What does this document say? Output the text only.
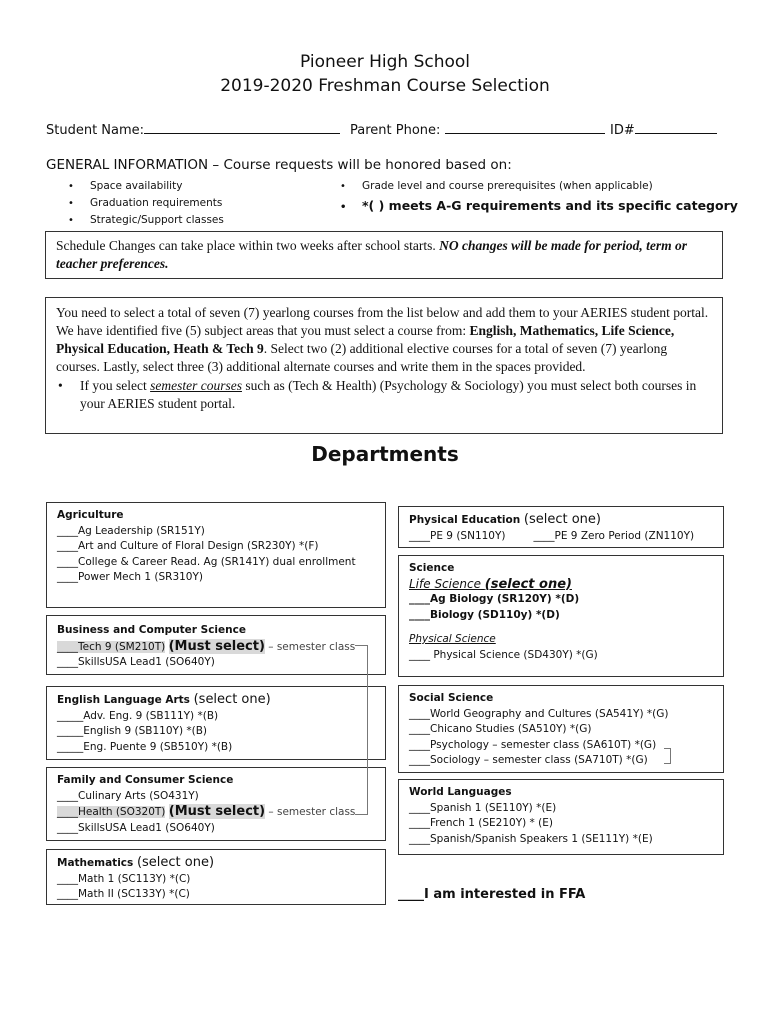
Pioneer High School
2019-2020 Freshman Course Selection
Student Name:	Parent Phone:	ID#
GENERAL INFORMATION – Course requests will be honored based on:
• Space availability
• Graduation requirements
• Strategic/Support classes
• Grade level and course prerequisites (when applicable)
• *( ) meets A-G requirements and its specific category
Schedule Changes can take place within two weeks after school starts. NO changes will be made for period, term or teacher preferences.
You need to select a total of seven (7) yearlong courses from the list below and add them to your AERIES student portal. We have identified five (5) subject areas that you must select a course from: English, Mathematics, Life Science, Physical Education, Heath & Tech 9. Select two (2) additional elective courses for a total of seven (7) yearlong courses. Lastly, select three (3) additional alternate courses and write them in the spaces provided.
• If you select semester courses such as (Tech & Health) (Psychology & Sociology) you must select both courses in your AERIES student portal.
Departments
Agriculture
____Ag Leadership (SR151Y)
____Art and Culture of Floral Design (SR230Y) *(F)
____College & Career Read. Ag (SR141Y) dual enrollment
____Power Mech 1 (SR310Y)
Business and Computer Science
____Tech 9 (SM210T) (Must select) – semester class
____SkillsUSA Lead1 (SO640Y)
English Language Arts (select one)
_____Adv. Eng. 9 (SB111Y) *(B)
_____English 9 (SB110Y) *(B)
_____Eng. Puente 9 (SB510Y) *(B)
Family and Consumer Science
____Culinary Arts (SO431Y)
____Health (SO320T) (Must select) – semester class
____SkillsUSA Lead1 (SO640Y)
Mathematics (select one)
____Math 1 (SC113Y) *(C)
____Math II (SC133Y) *(C)
Physical Education (select one)
____PE 9 (SN110Y)	____PE 9 Zero Period (ZN110Y)
Science
Life Science (select one)
____Ag Biology (SR120Y) *(D)
____Biology (SD110y) *(D)
Physical Science
____ Physical Science (SD430Y) *(G)
Social Science
____World Geography and Cultures (SA541Y) *(G)
____Chicano Studies (SA510Y) *(G)
____Psychology – semester class (SA610T) *(G)
____Sociology – semester class (SA710T) *(G)
World Languages
____Spanish 1 (SE110Y) *(E)
____French 1 (SE210Y) * (E)
____Spanish/Spanish Speakers 1 (SE111Y) *(E)
____I am interested in FFA
